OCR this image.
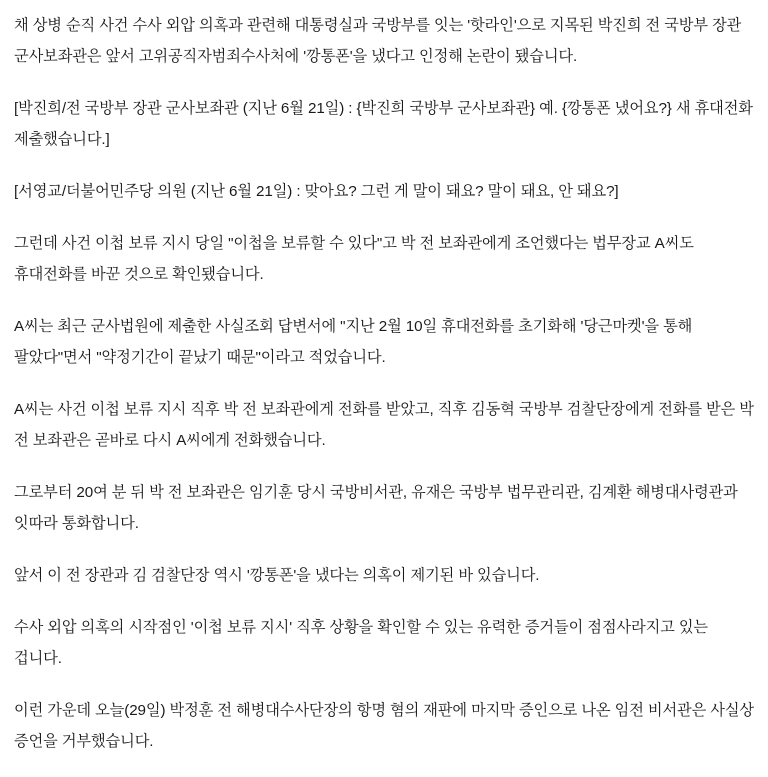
채 상병 순직 사건 수사 외압 의혹과 관련해 대통령실과 국방부를 잇는 '핫라인'으로 지목된 박진희 전 국방부 장관 군사보좌관은 앞서 고위공직자범죄수사처에 '깡통폰'을 냈다고 인정해 논란이 됐습니다.

[박진희/전 국방부 장관 군사보좌관 (지난 6월 21일) : {박진희 국방부 군사보좌관} 예. {깡통폰 냈어요?} 새 휴대전화 제출했습니다.]

[서영교/더불어민주당 의원 (지난 6월 21일) : 맞아요? 그런 게 말이 돼요? 말이 돼요, 안 돼요?]

그런데 사건 이첩 보류 지시 당일 "이첩을 보류할 수 있다"고 박 전 보좌관에게 조언했다는 법무장교 A씨도 휴대전화를 바꾼 것으로 확인됐습니다.

A씨는 최근 군사법원에 제출한 사실조회 답변서에 "지난 2월 10일 휴대전화를 초기화해 '당근마켓'을 통해 팔았다"면서 "약정기간이 끝났기 때문"이라고 적었습니다.

A씨는 사건 이첩 보류 지시 직후 박 전 보좌관에게 전화를 받았고, 직후 김동혁 국방부 검찰단장에게 전화를 받은 박 전 보좌관은 곧바로 다시 A씨에게 전화했습니다.

그로부터 20여 분 뒤 박 전 보좌관은 임기훈 당시 국방비서관, 유재은 국방부 법무관리관, 김계환 해병대사령관과 잇따라 통화합니다.

앞서 이 전 장관과 김 검찰단장 역시 '깡통폰'을 냈다는 의혹이 제기된 바 있습니다.

수사 외압 의혹의 시작점인 '이첩 보류 지시' 직후 상황을 확인할 수 있는 유력한 증거들이 점점사라지고 있는 겁니다.

이런 가운데 오늘(29일) 박정훈 전 해병대수사단장의 항명 혐의 재판에 마지막 증인으로 나온 임전 비서관은 사실상 증언을 거부했습니다.
